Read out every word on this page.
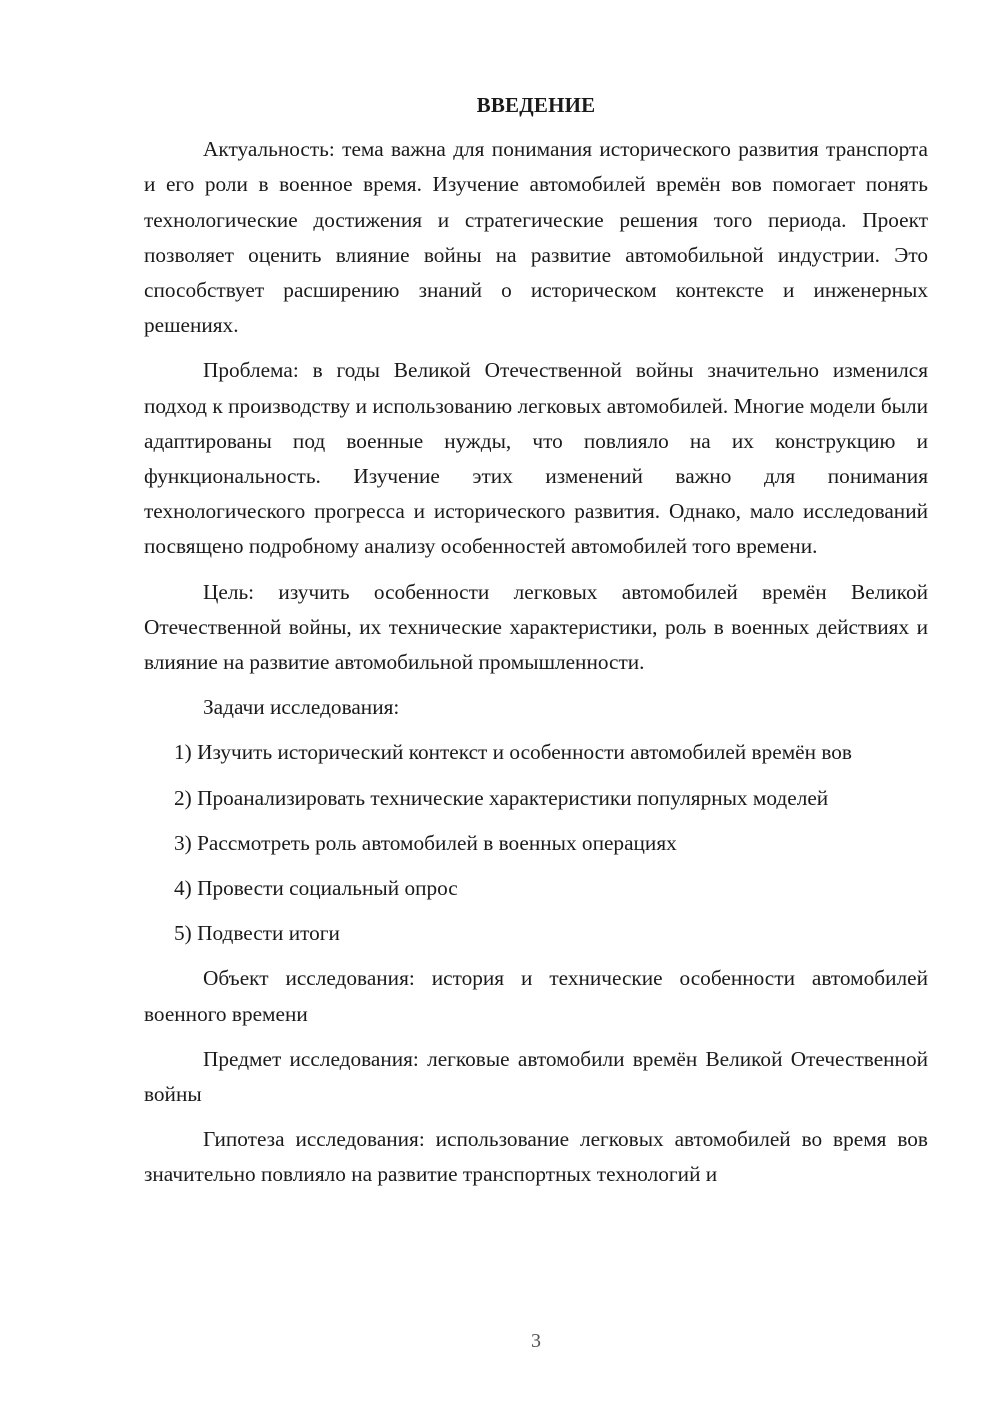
ВВЕДЕНИЕ

Актуальность: тема важна для понимания исторического развития транспорта и его роли в военное время. Изучение автомобилей времён вов помогает понять технологические достижения и стратегические решения того периода. Проект позволяет оценить влияние войны на развитие автомобильной индустрии. Это способствует расширению знаний о историческом контексте и инженерных решениях.

Проблема: в годы Великой Отечественной войны значительно изменился подход к производству и использованию легковых автомобилей. Многие модели были адаптированы под военные нужды, что повлияло на их конструкцию и функциональность. Изучение этих изменений важно для понимания технологического прогресса и исторического развития. Однако, мало исследований посвящено подробному анализу особенностей автомобилей того времени.

Цель: изучить особенности легковых автомобилей времён Великой Отечественной войны, их технические характеристики, роль в военных действиях и влияние на развитие автомобильной промышленности.

Задачи исследования:

1) Изучить исторический контекст и особенности автомобилей времён вов

2) Проанализировать технические характеристики популярных моделей

3) Рассмотреть роль автомобилей в военных операциях

4) Провести социальный опрос

5) Подвести итоги

Объект исследования: история и технические особенности автомобилей военного времени

Предмет исследования: легковые автомобили времён Великой Отечественной войны

Гипотеза исследования: использование легковых автомобилей во время вов значительно повлияло на развитие транспортных технологий и

3
